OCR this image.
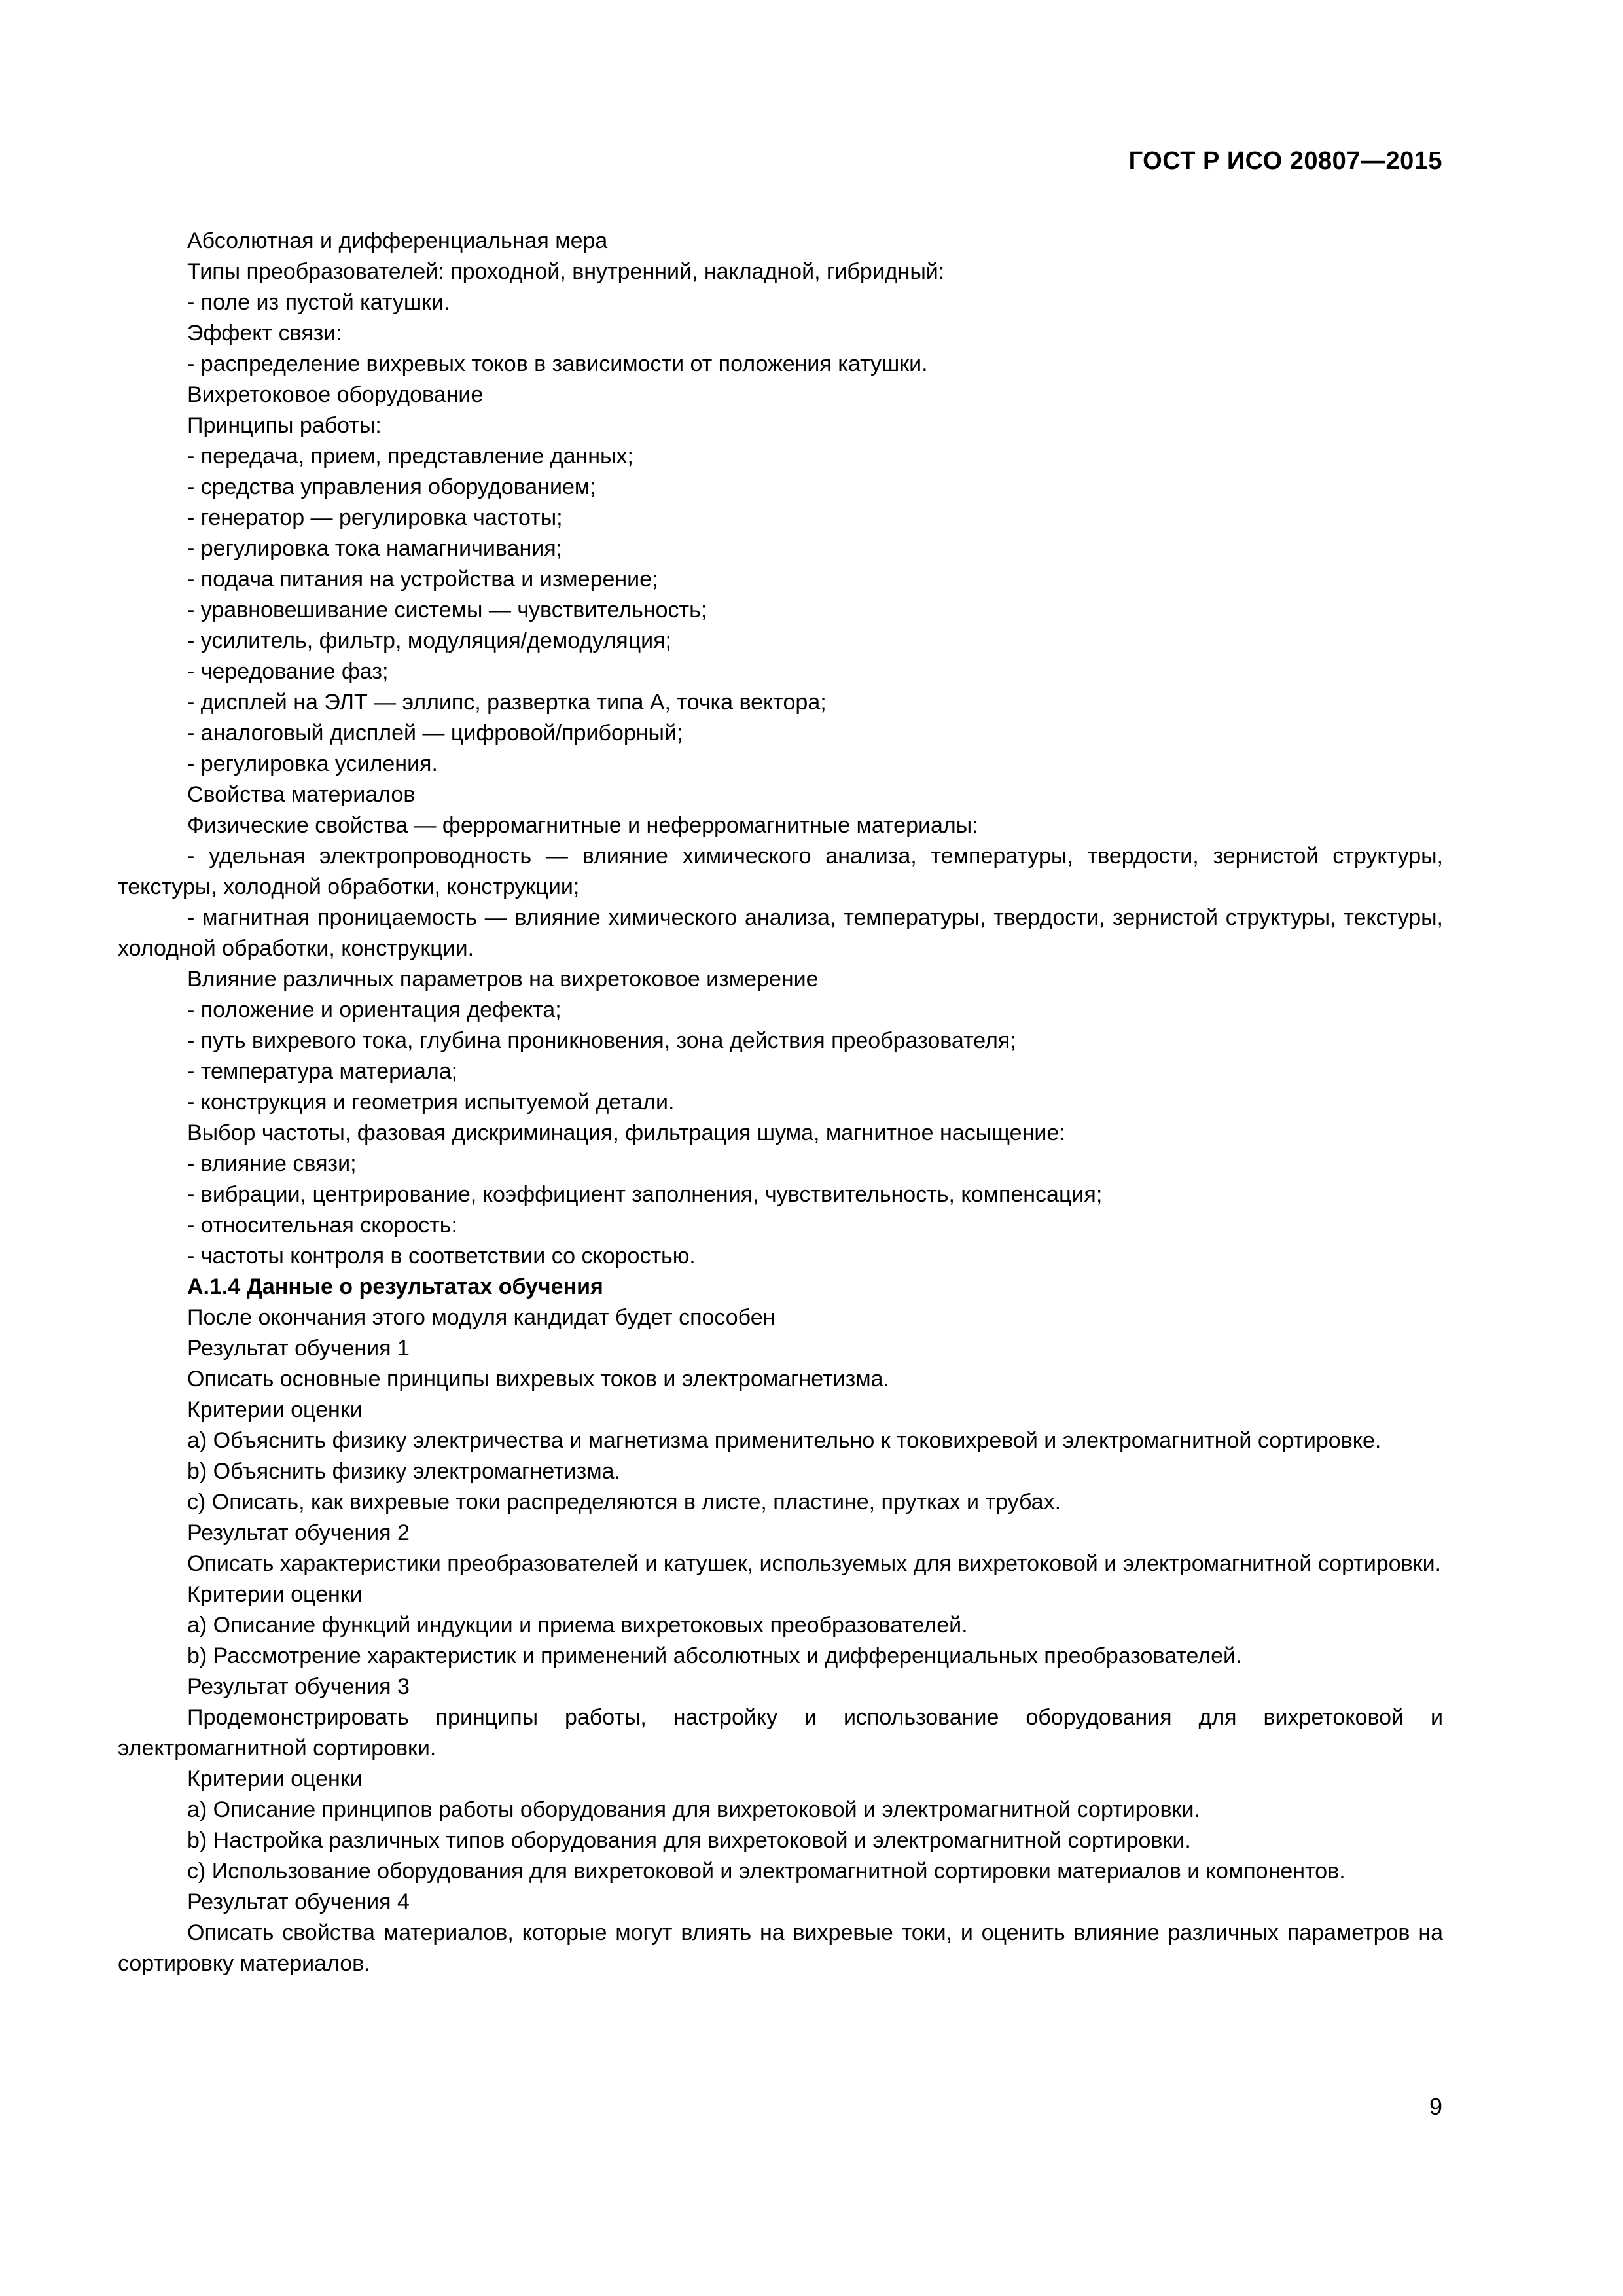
ГОСТ Р ИСО 20807—2015

Абсолютная и дифференциальная мера

Типы преобразователей: проходной, внутренний, накладной, гибридный:

- поле из пустой катушки.

Эффект связи:

- распределение вихревых токов в зависимости от положения катушки.

Вихретоковое оборудование

Принципы работы:

- передача, прием, представление данных;

- средства управления оборудованием;

- генератор — регулировка частоты;

- регулировка тока намагничивания;

- подача питания на устройства и измерение;

- уравновешивание системы — чувствительность;

- усилитель, фильтр, модуляция/демодуляция;

- чередование фаз;

- дисплей на ЭЛТ — эллипс, развертка типа А, точка вектора;

- аналоговый дисплей — цифровой/приборный;

- регулировка усиления.

Свойства материалов

Физические свойства — ферромагнитные и неферромагнитные материалы:

- удельная электропроводность — влияние химического анализа, температуры, твердости, зернистой структуры, текстуры, холодной обработки, конструкции;

- магнитная проницаемость — влияние химического анализа, температуры, твердости, зернистой структуры, текстуры, холодной обработки, конструкции.

Влияние различных параметров на вихретоковое измерение

- положение и ориентация дефекта;

- путь вихревого тока, глубина проникновения, зона действия преобразователя;

- температура материала;

- конструкция и геометрия испытуемой детали.

Выбор частоты, фазовая дискриминация, фильтрация шума, магнитное насыщение:

- влияние связи;

- вибрации, центрирование, коэффициент заполнения, чувствительность, компенсация;

- относительная скорость:

- частоты контроля в соответствии со скоростью.

А.1.4 Данные о результатах обучения

После окончания этого модуля кандидат будет способен

Результат обучения 1

Описать основные принципы вихревых токов и электромагнетизма.

Критерии оценки

а) Объяснить физику электричества и магнетизма применительно к токовихревой и электромагнитной сортировке.

b) Объяснить физику электромагнетизма.

с) Описать, как вихревые токи распределяются в листе, пластине, прутках и трубах.

Результат обучения 2

Описать характеристики преобразователей и катушек, используемых для вихретоковой и электромагнитной сортировки.

Критерии оценки

а) Описание функций индукции и приема вихретоковых преобразователей.

b) Рассмотрение характеристик и применений абсолютных и дифференциальных преобразователей.

Результат обучения 3

Продемонстрировать принципы работы, настройку и использование оборудования для вихретоковой и электромагнитной сортировки.

Критерии оценки

а) Описание принципов работы оборудования для вихретоковой и электромагнитной сортировки.

b) Настройка различных типов оборудования для вихретоковой и электромагнитной сортировки.

с) Использование оборудования для вихретоковой и электромагнитной сортировки материалов и компонентов.

Результат обучения 4

Описать свойства материалов, которые могут влиять на вихревые токи, и оценить влияние различных параметров на сортировку материалов.

9
